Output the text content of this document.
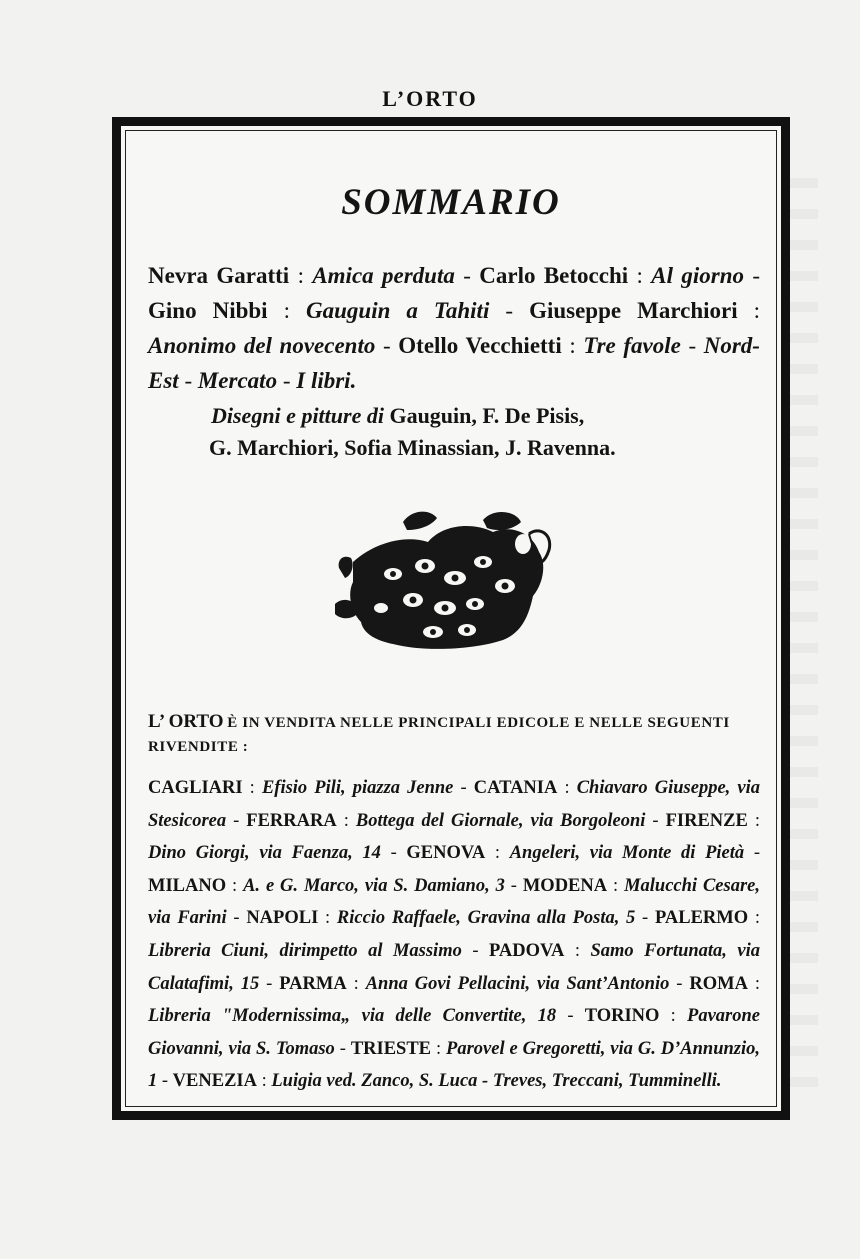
L’ORTO
SOMMARIO

Nevra Garatti : Amica perduta - Carlo Betocchi : Al giorno - Gino Nibbi : Gauguin a Tahiti - Giuseppe Marchiori : Anonimo del novecento - Otello Vecchietti : Tre favole - Nord-Est - Mercato - I libri.

Disegni e pitture di Gauguin, F. De Pisis,
G. Marchiori, Sofia Minassian, J. Ravenna.

L’ ORTO È IN VENDITA NELLE PRINCIPALI EDICOLE E NELLE SEGUENTI RIVENDITE :

CAGLIARI : Efisio Pili, piazza Jenne - CATANIA : Chiavaro Giuseppe, via Stesicorea - FERRARA : Bottega del Giornale, via Borgoleoni - FIRENZE : Dino Giorgi, via Faenza, 14 - GENOVA : Angeleri, via Monte di Pietà - MILANO : A. e G. Marco, via S. Damiano, 3 - MODENA : Malucchi Cesare, via Farini - NAPOLI : Riccio Raffaele, Gravina alla Posta, 5 - PALERMO : Libreria Ciuni, dirimpetto al Massimo - PADOVA : Samo Fortunata, via Calatafimi, 15 - PARMA : Anna Govi Pellacini, via Sant’Antonio - ROMA : Libreria "Modernissima„ via delle Convertite, 18 - TORINO : Pavarone Giovanni, via S. Tomaso - TRIESTE : Parovel e Gregoretti, via G. D’Annunzio, 1 - VENEZIA : Luigia ved. Zanco, S. Luca - Treves, Treccani, Tumminelli.
